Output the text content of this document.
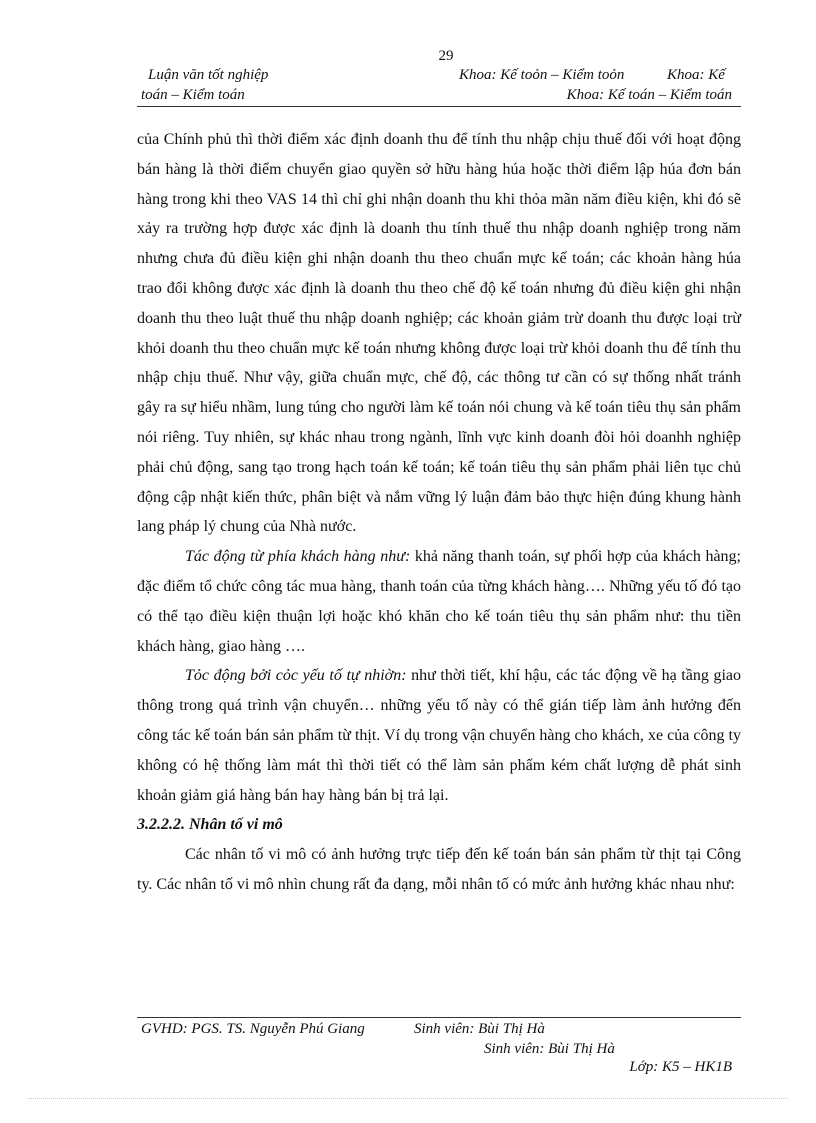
29
Luận văn tốt nghiệp
toán – Kiểm toán
Khoa: Kế toỏn – Kiểm toỏn	Khoa: Kế
Khoa: Kế toán – Kiểm toán

của Chính phủ thì thời điểm xác định doanh thu để tính thu nhập chịu thuế đối với hoạt động bán hàng là thời điểm chuyển giao quyền sở hữu hàng húa hoặc thời điểm lập húa đơn bán hàng trong khi theo VAS 14 thì chỉ ghi nhận doanh thu khi thỏa mãn năm điều kiện, khi đó sẽ xảy ra trường hợp được xác định là doanh thu tính thuế thu nhập doanh nghiệp trong năm nhưng chưa đủ điều kiện ghi nhận doanh thu theo chuẩn mực kế toán; các khoản hàng húa trao đổi không được xác định là doanh thu theo chế độ kế toán nhưng đủ điều kiện ghi nhận doanh thu theo luật thuế thu nhập doanh nghiệp; các khoản giảm trừ doanh thu được loại trừ khỏi doanh thu theo chuẩn mực kế toán nhưng không được loại trừ khỏi doanh thu để tính thu nhập chịu thuế. Như vậy, giữa chuẩn mực, chế độ, các thông tư cần có sự thống nhất tránh gây ra sự hiểu nhầm, lung túng cho người làm kế toán nói chung và kế toán tiêu thụ sản phẩm nói riêng. Tuy nhiên, sự khác nhau trong ngành, lĩnh vực kinh doanh đòi hỏi doanhh nghiệp phải chủ động, sang tạo trong hạch toán kế toán; kế toán tiêu thụ sản phẩm phải liên tục chủ động cập nhật kiến thức, phân biệt và nắm vững lý luận đảm bảo thực hiện đúng khung hành lang pháp lý chung của Nhà nước.

Tác động từ phía khách hàng như: khả năng thanh toán, sự phối hợp của khách hàng; đặc điểm tổ chức công tác mua hàng, thanh toán của từng khách hàng…. Những yếu tố đó tạo có thể tạo điều kiện thuận lợi hoặc khó khăn cho kế toán tiêu thụ sản phẩm như: thu tiền khách hàng, giao hàng ….

Tỏc động bởi cỏc yếu tố tự nhiờn: như thời tiết, khí hậu, các tác động về hạ tầng giao thông trong quá trình vận chuyển… những yếu tố này có thể gián tiếp làm ảnh hưởng đến công tác kế toán bán sản phẩm từ thịt. Ví dụ trong vận chuyển hàng cho khách, xe của công ty không có hệ thống làm mát thì thời tiết có thể làm sản phẩm kém chất lượng dễ phát sinh khoản giảm giá hàng bán hay hàng bán bị trả lại.

3.2.2.2. Nhân tố vi mô

Các nhân tố vi mô có ảnh hưởng trực tiếp đến kế toán bán sản phẩm từ thịt tại Công ty. Các nhân tố vi mô nhìn chung rất đa dạng, mỗi nhân tố có mức ảnh hưởng khác nhau như:

GVHD: PGS. TS. Nguyễn Phú Giang	Sinh viên: Bùi Thị Hà
Sinh viên: Bùi Thị Hà
Lớp: K5 – HK1B
